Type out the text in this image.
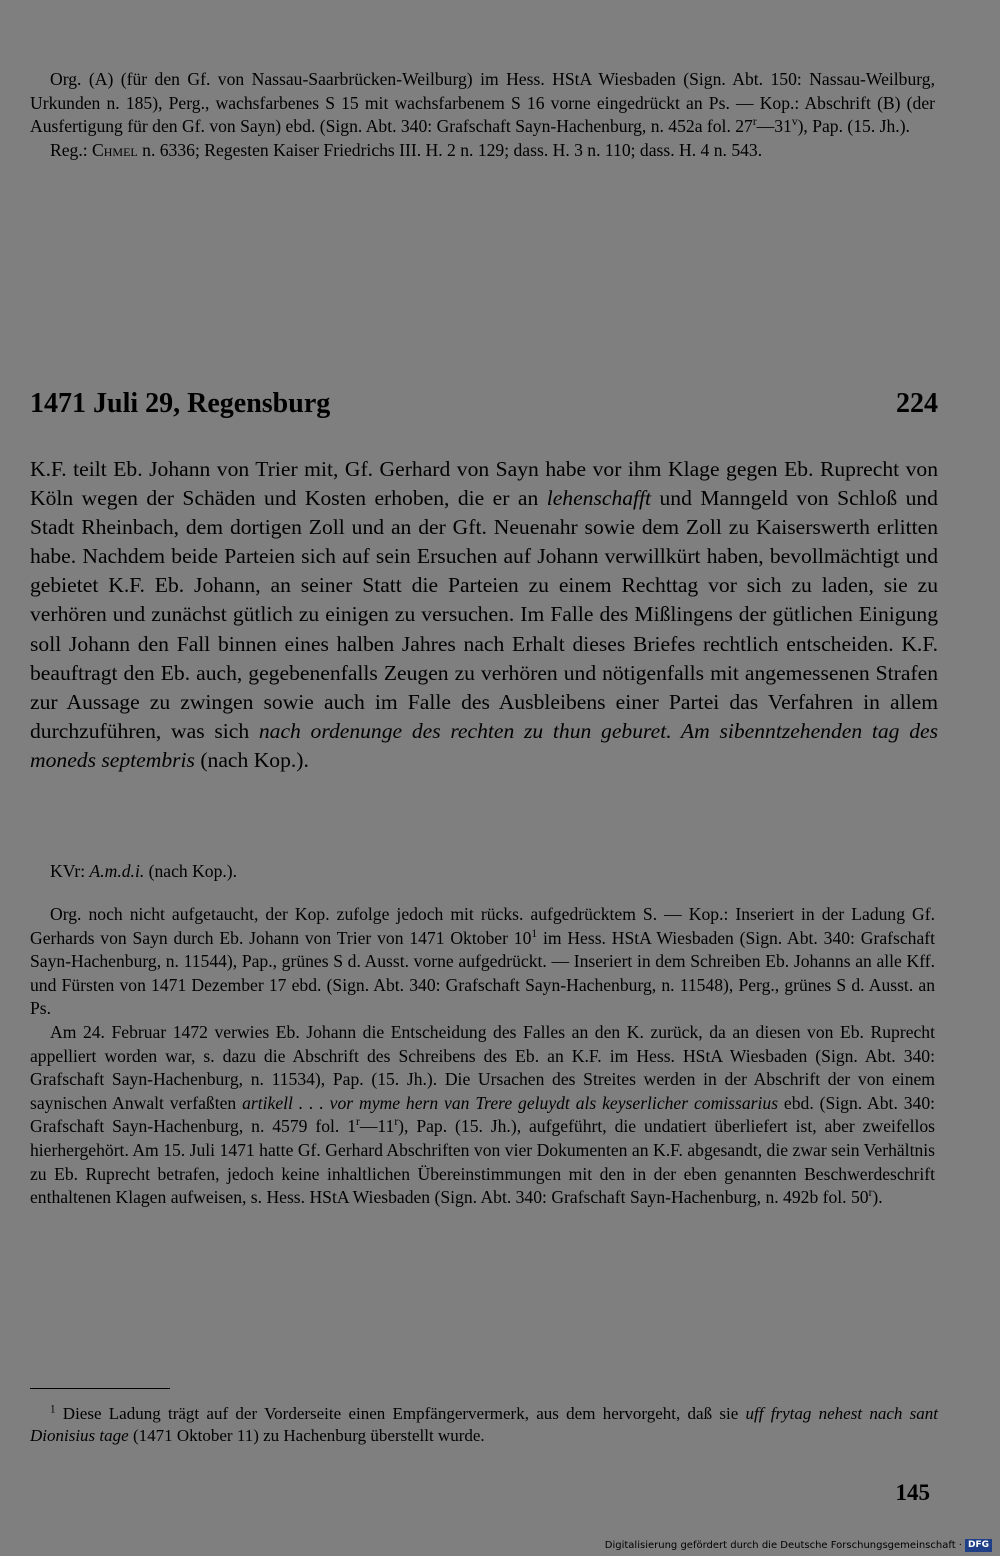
Org. (A) (für den Gf. von Nassau-Saarbrücken-Weilburg) im Hess. HStA Wiesbaden (Sign. Abt. 150: Nassau-Weilburg, Urkunden n. 185), Perg., wachsfarbenes S 15 mit wachsfarbenem S 16 vorne eingedrückt an Ps. — Kop.: Abschrift (B) (der Ausfertigung für den Gf. von Sayn) ebd. (Sign. Abt. 340: Grafschaft Sayn-Hachenburg, n. 452a fol. 27$^r$—31$^v$), Pap. (15. Jh.).

Reg.: Chmel n. 6336; Regesten Kaiser Friedrichs III. H. 2 n. 129; dass. H. 3 n. 110; dass. H. 4 n. 543.

1471 Juli 29, Regensburg	224

K.F. teilt Eb. Johann von Trier mit, Gf. Gerhard von Sayn habe vor ihm Klage gegen Eb. Ruprecht von Köln wegen der Schäden und Kosten erhoben, die er an lehenschafft und Manngeld von Schloß und Stadt Rheinbach, dem dortigen Zoll und an der Gft. Neuenahr sowie dem Zoll zu Kaiserswerth erlitten habe. Nachdem beide Parteien sich auf sein Ersuchen auf Johann verwillkürt haben, bevollmächtigt und gebietet K.F. Eb. Johann, an seiner Statt die Parteien zu einem Rechttag vor sich zu laden, sie zu verhören und zunächst gütlich zu einigen zu versuchen. Im Falle des Mißlingens der gütlichen Einigung soll Johann den Fall binnen eines halben Jahres nach Erhalt dieses Briefes rechtlich entscheiden. K.F. beauftragt den Eb. auch, gegebenenfalls Zeugen zu verhören und nötigenfalls mit angemessenen Strafen zur Aussage zu zwingen sowie auch im Falle des Ausbleibens einer Partei das Verfahren in allem durchzuführen, was sich nach ordenunge des rechten zu thun geburet. Am sibenntzehenden tag des moneds septembris (nach Kop.).

KVr: A.m.d.i. (nach Kop.).

Org. noch nicht aufgetaucht, der Kop. zufolge jedoch mit rücks. aufgedrücktem S. — Kop.: Inseriert in der Ladung Gf. Gerhards von Sayn durch Eb. Johann von Trier von 1471 Oktober $10^1$ im Hess. HStA Wiesbaden (Sign. Abt. 340: Grafschaft Sayn-Hachenburg, n. 11544), Pap., grünes S d. Ausst. vorne aufgedrückt. — Inseriert in dem Schreiben Eb. Johanns an alle Kff. und Fürsten von 1471 Dezember 17 ebd. (Sign. Abt. 340: Grafschaft Sayn-Hachenburg, n. 11548), Perg., grünes S d. Ausst. an Ps.

Am 24. Februar 1472 verwies Eb. Johann die Entscheidung des Falles an den K. zurück, da an diesen von Eb. Ruprecht appelliert worden war, s. dazu die Abschrift des Schreibens des Eb. an K.F. im Hess. HStA Wiesbaden (Sign. Abt. 340: Grafschaft Sayn-Hachenburg, n. 11534), Pap. (15. Jh.). Die Ursachen des Streites werden in der Abschrift der von einem saynischen Anwalt verfaßten artikell . . . vor myme hern van Trere geluydt als keyserlicher comissarius ebd. (Sign. Abt. 340: Grafschaft Sayn-Hachenburg, n. 4579 fol. 1$^r$—11$^r$), Pap. (15. Jh.), aufgeführt, die undatiert überliefert ist, aber zweifellos hierhergehört. Am 15. Juli 1471 hatte Gf. Gerhard Abschriften von vier Dokumenten an K.F. abgesandt, die zwar sein Verhältnis zu Eb. Ruprecht betrafen, jedoch keine inhaltlichen Übereinstimmungen mit den in der eben genannten Beschwerdeschrift enthaltenen Klagen aufweisen, s. Hess. HStA Wiesbaden (Sign. Abt. 340: Grafschaft Sayn-Hachenburg, n. 492b fol. 50$^r$).

$^1$ Diese Ladung trägt auf der Vorderseite einen Empfängervermerk, aus dem hervorgeht, daß sie uff frytag nehest nach sant Dionisius tage (1471 Oktober 11) zu Hachenburg überstellt wurde.

145
Digitalisierung gefördert durch die Deutsche Forschungsgemeinschaft · DFG
